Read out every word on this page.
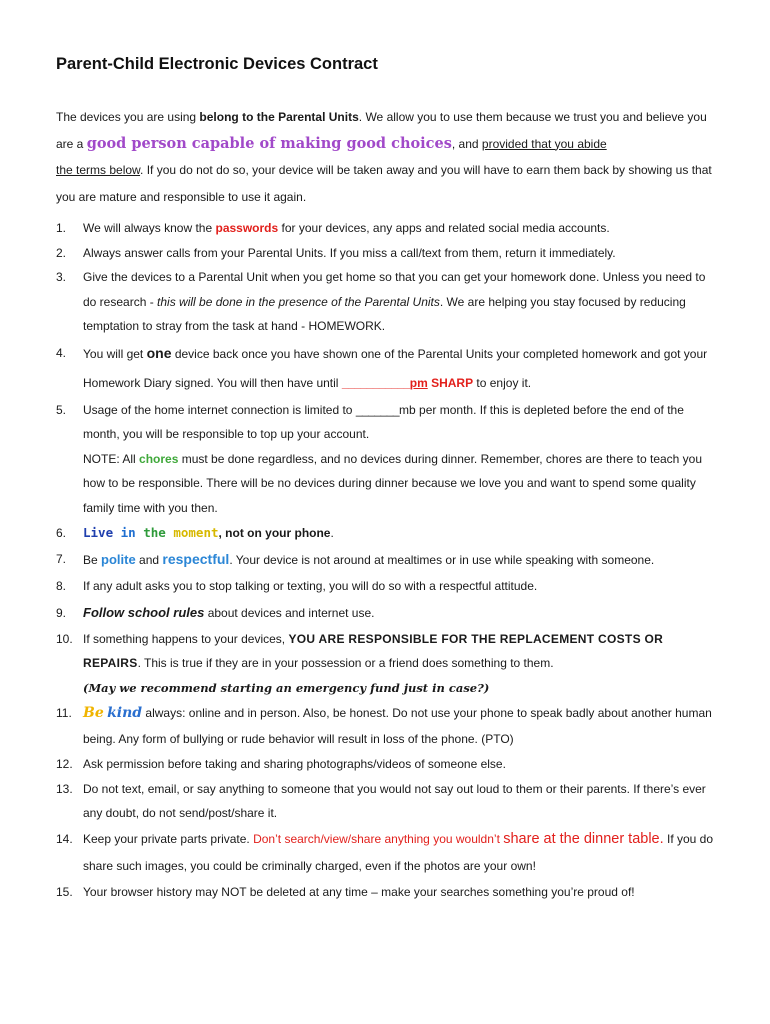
Parent-Child Electronic Devices Contract
The devices you are using belong to the Parental Units. We allow you to use them because we trust you and believe you are a good person capable of making good choices, and provided that you abide
the terms below. If you do not do so, your device will be taken away and you will have to earn them back by showing us that you are mature and responsible to use it again.
1. We will always know the passwords for your devices, any apps and related social media accounts.
2. Always answer calls from your Parental Units. If you miss a call/text from them, return it immediately.
3. Give the devices to a Parental Unit when you get home so that you can get your homework done. Unless you need to do research - this will be done in the presence of the Parental Units. We are helping you stay focused by reducing temptation to stray from the task at hand - HOMEWORK.
4. You will get one device back once you have shown one of the Parental Units your completed homework and got your Homework Diary signed. You will then have until ___________pm SHARP to enjoy it.
5. Usage of the home internet connection is limited to _______mb per month. If this is depleted before the end of the month, you will be responsible to top up your account.
NOTE: All chores must be done regardless, and no devices during dinner. Remember, chores are there to teach you how to be responsible. There will be no devices during dinner because we love you and want to spend some quality family time with you then.
6. Live in the moment, not on your phone.
7. Be polite and respectful. Your device is not around at mealtimes or in use while speaking with someone.
8. If any adult asks you to stop talking or texting, you will do so with a respectful attitude.
9. Follow school rules about devices and internet use.
10. If something happens to your devices, YOU ARE RESPONSIBLE FOR THE REPLACEMENT COSTS OR REPAIRS. This is true if they are in your possession or a friend does something to them.
(May we recommend starting an emergency fund just in case?)
11. Be kind always: online and in person. Also, be honest. Do not use your phone to speak badly about another human being. Any form of bullying or rude behavior will result in loss of the phone. (PTO)
12. Ask permission before taking and sharing photographs/videos of someone else.
13. Do not text, email, or say anything to someone that you would not say out loud to them or their parents. If there’s ever any doubt, do not send/post/share it.
14. Keep your private parts private. Don’t search/view/share anything you wouldn’t share at the dinner table. If you do share such images, you could be criminally charged, even if the photos are your own!
15. Your browser history may NOT be deleted at any time – make your searches something you’re proud of!
